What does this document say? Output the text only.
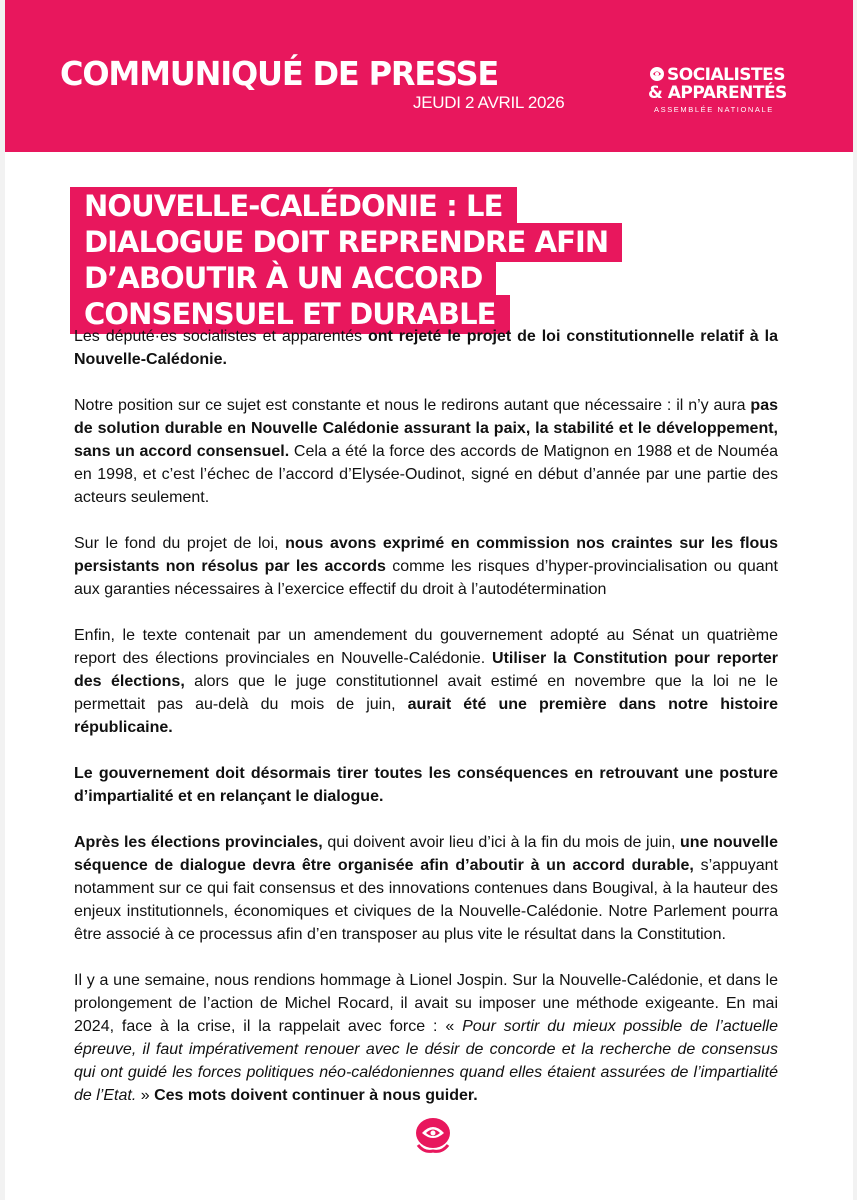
COMMUNIQUÉ DE PRESSE
JEUDI 2 AVRIL 2026
SOCIALISTES
& APPARENTÉS
ASSEMBLÉE NATIONALE
NOUVELLE-CALÉDONIE : LE DIALOGUE DOIT REPRENDRE AFIN D’ABOUTIR À UN ACCORD CONSENSUEL ET DURABLE

Les député·es socialistes et apparentés ont rejeté le projet de loi constitutionnelle relatif à la Nouvelle-Calédonie.

Notre position sur ce sujet est constante et nous le redirons autant que nécessaire : il n’y aura pas de solution durable en Nouvelle Calédonie assurant la paix, la stabilité et le développement, sans un accord consensuel. Cela a été la force des accords de Matignon en 1988 et de Nouméa en 1998, et c’est l’échec de l’accord d’Elysée-Oudinot, signé en début d’année par une partie des acteurs seulement.

Sur le fond du projet de loi, nous avons exprimé en commission nos craintes sur les flous persistants non résolus par les accords comme les risques d’hyper-provincialisation ou quant aux garanties nécessaires à l’exercice effectif du droit à l’autodétermination

Enfin, le texte contenait par un amendement du gouvernement adopté au Sénat un quatrième report des élections provinciales en Nouvelle-Calédonie. Utiliser la Constitution pour reporter des élections, alors que le juge constitutionnel avait estimé en novembre que la loi ne le permettait pas au-delà du mois de juin, aurait été une première dans notre histoire républicaine.

Le gouvernement doit désormais tirer toutes les conséquences en retrouvant une posture d’impartialité et en relançant le dialogue.

Après les élections provinciales, qui doivent avoir lieu d’ici à la fin du mois de juin, une nouvelle séquence de dialogue devra être organisée afin d’aboutir à un accord durable, s’appuyant notamment sur ce qui fait consensus et des innovations contenues dans Bougival, à la hauteur des enjeux institutionnels, économiques et civiques de la Nouvelle-Calédonie. Notre Parlement pourra être associé à ce processus afin d’en transposer au plus vite le résultat dans la Constitution.

Il y a une semaine, nous rendions hommage à Lionel Jospin. Sur la Nouvelle-Calédonie, et dans le prolongement de l’action de Michel Rocard, il avait su imposer une méthode exigeante. En mai 2024, face à la crise, il la rappelait avec force : « Pour sortir du mieux possible de l’actuelle épreuve, il faut impérativement renouer avec le désir de concorde et la recherche de consensus qui ont guidé les forces politiques néo-calédoniennes quand elles étaient assurées de l’impartialité de l’Etat. » Ces mots doivent continuer à nous guider.
